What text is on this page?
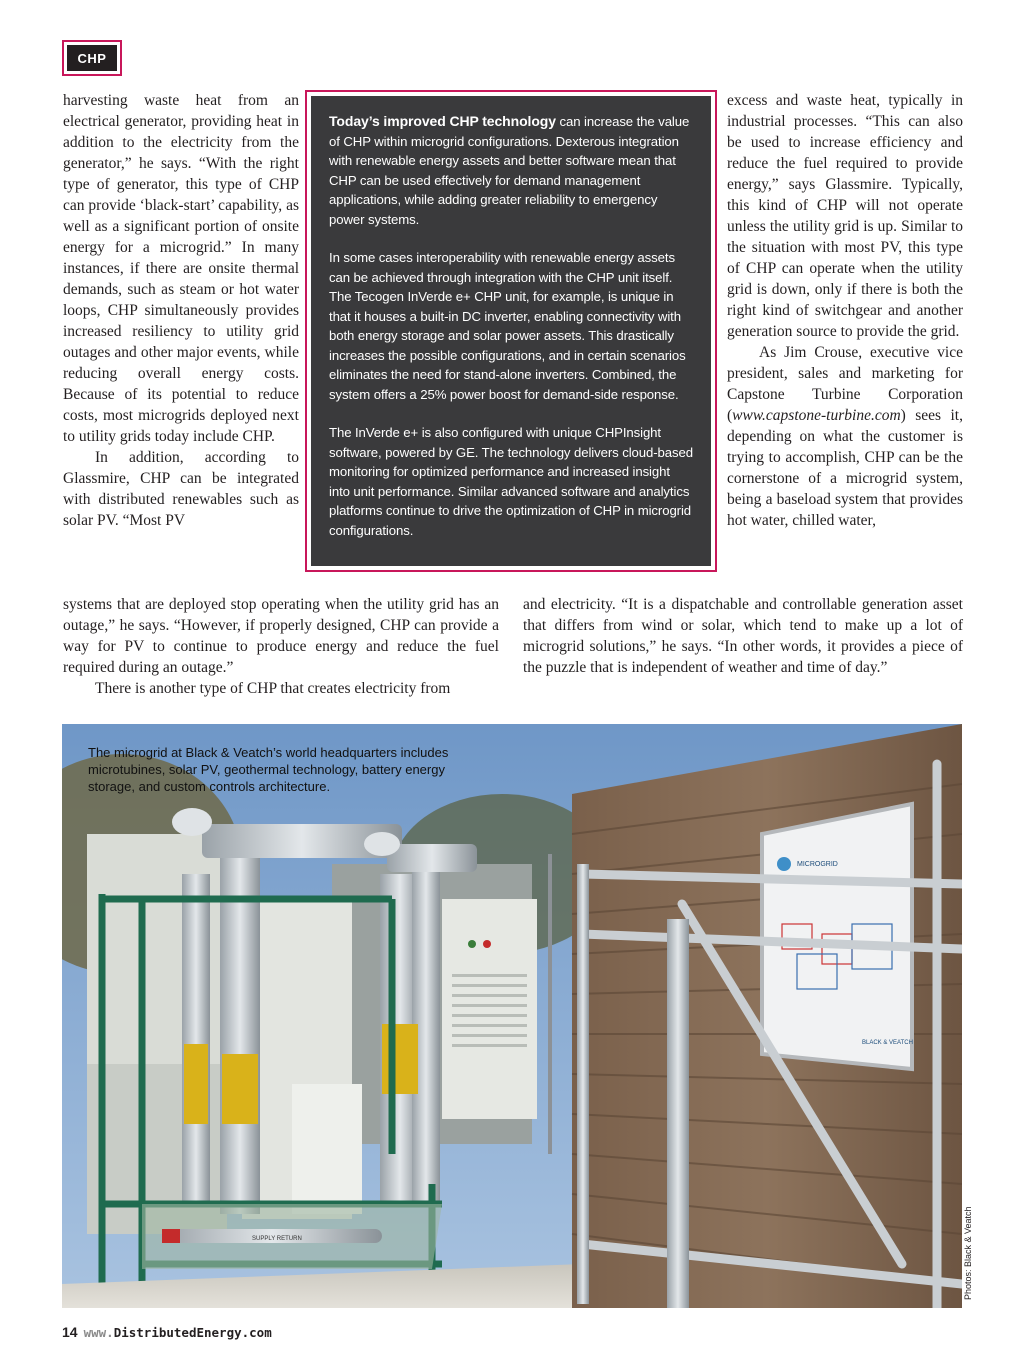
CHP

harvesting waste heat from an electrical generator, providing heat in addition to the electricity from the generator,” he says. “With the right type of generator, this type of CHP can provide ‘black-start’ capability, as well as a significant portion of onsite energy for a microgrid.” In many instances, if there are onsite thermal demands, such as steam or hot water loops, CHP simultaneously provides increased resiliency to utility grid outages and other major events, while reducing overall energy costs. Because of its potential to reduce costs, most microgrids deployed next to utility grids today include CHP.

In addition, according to Glassmire, CHP can be integrated with distributed renewables such as solar PV. “Most PV

Today’s improved CHP technology can increase the value of CHP within microgrid configurations. Dexterous integration with renewable energy assets and better software mean that CHP can be used effectively for demand management applications, while adding greater reliability to emergency power systems.

In some cases interoperability with renewable energy assets can be achieved through integration with the CHP unit itself. The Tecogen InVerde e+ CHP unit, for example, is unique in that it houses a built-in DC inverter, enabling connectivity with both energy storage and solar power assets. This drastically increases the possible configurations, and in certain scenarios eliminates the need for stand-alone inverters. Combined, the system offers a 25% power boost for demand-side response.

The InVerde e+ is also configured with unique CHPInsight software, powered by GE. The technology delivers cloud-based monitoring for optimized performance and increased insight into unit performance. Similar advanced software and analytics platforms continue to drive the optimization of CHP in microgrid configurations.

excess and waste heat, typically in industrial processes. “This can also be used to increase efficiency and reduce the fuel required to provide energy,” says Glassmire. Typically, this kind of CHP will not operate unless the utility grid is up. Similar to the situation with most PV, this type of CHP can operate when the utility grid is down, only if there is both the right kind of switchgear and another generation source to provide the grid.

As Jim Crouse, executive vice president, sales and marketing for Capstone Turbine Corporation (www.capstone-turbine.com) sees it, depending on what the customer is trying to accomplish, CHP can be the cornerstone of a microgrid system, being a baseload system that provides hot water, chilled water,

systems that are deployed stop operating when the utility grid has an outage,” he says. “However, if properly designed, CHP can provide a way for PV to continue to produce energy and reduce the fuel required during an outage.”

There is another type of CHP that creates electricity from

and electricity. “It is a dispatchable and controllable generation asset that differs from wind or solar, which tend to make up a lot of microgrid solutions,” he says. “In other words, it provides a piece of the puzzle that is independent of weather and time of day.”

MICROGRID
BLACK & VEATCH
SUPPLY RETURN
The microgrid at Black & Veatch’s world headquarters includes microtubines, solar PV, geothermal technology, battery energy storage, and custom controls architecture.
Photos: Black & Veatch
14 www.DistributedEnergy.com
